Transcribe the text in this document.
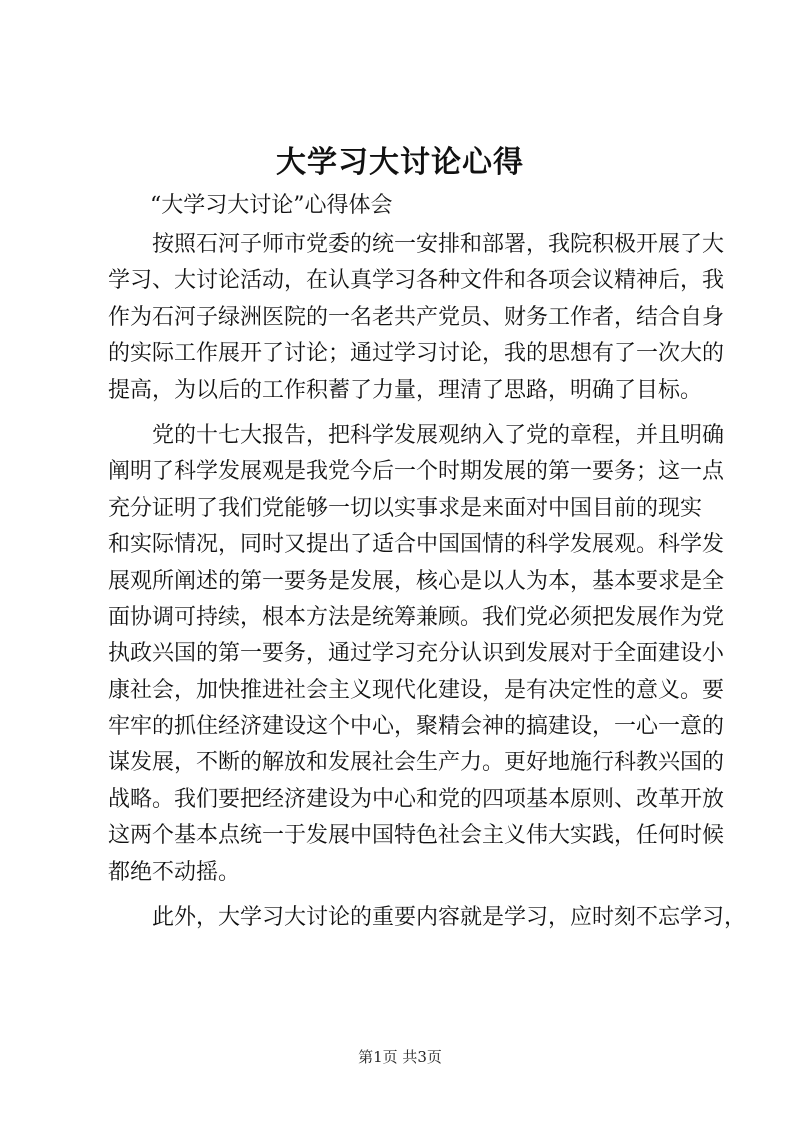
大学习大讨论心得
“大学习大讨论”心得体会
按照石河子师市党委的统一安排和部署，我院积极开展了大
学习、大讨论活动，在认真学习各种文件和各项会议精神后，我
作为石河子绿洲医院的一名老共产党员、财务工作者，结合自身
的实际工作展开了讨论；通过学习讨论，我的思想有了一次大的
提高，为以后的工作积蓄了力量，理清了思路，明确了目标。
党的十七大报告，把科学发展观纳入了党的章程，并且明确
阐明了科学发展观是我党今后一个时期发展的第一要务；这一点
充分证明了我们党能够一切以实事求是来面对中国目前的现实
和实际情况，同时又提出了适合中国国情的科学发展观。科学发
展观所阐述的第一要务是发展，核心是以人为本，基本要求是全
面协调可持续，根本方法是统筹兼顾。我们党必须把发展作为党
执政兴国的第一要务，通过学习充分认识到发展对于全面建设小
康社会，加快推进社会主义现代化建设，是有决定性的意义。要
牢牢的抓住经济建设这个中心，聚精会神的搞建设，一心一意的
谋发展，不断的解放和发展社会生产力。更好地施行科教兴国的
战略。我们要把经济建设为中心和党的四项基本原则、改革开放
这两个基本点统一于发展中国特色社会主义伟大实践，任何时候
都绝不动摇。
此外，大学习大讨论的重要内容就是学习，应时刻不忘学习，
第1页 共3页
